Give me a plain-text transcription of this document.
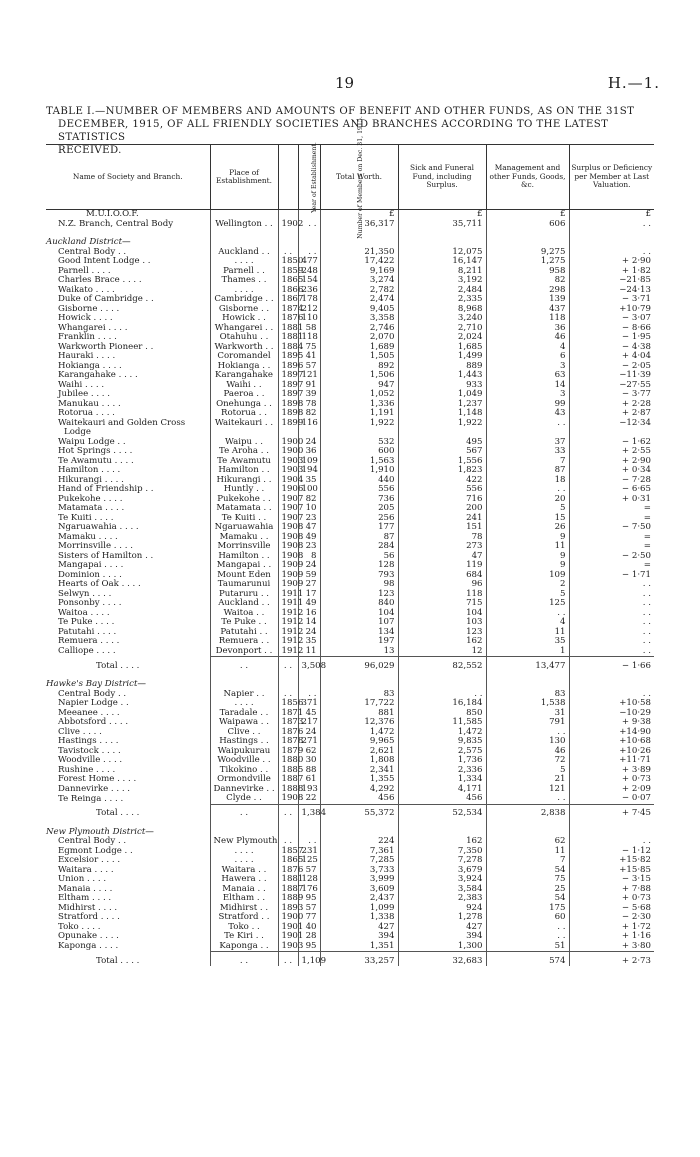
19	H.—1.

TABLE I.—NUMBER OF MEMBERS AND AMOUNTS OF BENEFIT AND OTHER FUNDS, AS ON THE 31ST

DECEMBER, 1915, OF ALL FRIENDLY SOCIETIES AND BRANCHES ACCORDING TO THE LATEST STATISTICS

RECEIVED.

Name of Society and Branch.	Place of Establishment.	Year of Establishment.	Number of Members on Dec. 31, 1915.	Total Worth.	Sick and Funeral Fund, including Surplus.	Management and other Funds, Goods, &c.	Surplus or Deficiency per Member at Last Valuation.
M.U.I.O.O.F.				£	£	£	£
N.Z. Branch, Central Body	Wellington . .	1902	. .	36,317	35,711	606	. .

Auckland District—							
Central Body . .	Auckland . .	. .	. .	21,350	12,075	9,275	. .
Good Intent Lodge . .	. . . .	1850	477	17,422	16,147	1,275	+ 2·90
Parnell . . . .	Parnell . .	1859	248	9,169	8,211	958	+ 1·82
Charles Brace . . . .	Thames . .	1865	154	3,274	3,192	82	−21·85
Waikato . . . .	. . . .	1866	236	2,782	2,484	298	−24·13
Duke of Cambridge . .	Cambridge . .	1867	178	2,474	2,335	139	− 3·71
Gisborne . . . .	Gisborne . .	1874	212	9,405	8,968	437	+10·79
Howick . . . .	Howick . .	1876	110	3,358	3,240	118	− 3·07
Whangarei . . . .	Whangarei . .	1881	58	2,746	2,710	36	− 8·66
Franklin . . . .	Otahuhu . .	1881	118	2,070	2,024	46	− 1·95
Warkworth Pioneer . .	Warkworth . .	1884	75	1,689	1,685	4	− 4·38
Hauraki . . . .	Coromandel	1895	41	1,505	1,499	6	+ 4·04
Hokianga . . . .	Hokianga . .	1896	57	892	889	3	− 2·05
Karangahake . . . .	Karangahake	1897	121	1,506	1,443	63	−11·39
Waihi . . . .	Waihi . .	1897	91	947	933	14	−27·55
Jubilee . . . .	Paeroa . .	1897	39	1,052	1,049	3	− 3·77
Manukau . . . .	Onehunga . .	1898	78	1,336	1,237	99	+ 2·28
Rotorua . . . .	Rotorua . .	1898	82	1,191	1,148	43	+ 2·87
Waitekauri and Golden Cross	Waitekauri . .	1899	116	1,922	1,922	. .	−12·34
Lodge							
Waipu Lodge . .	Waipu . .	1900	24	532	495	37	− 1·62
Hot Springs . . . .	Te Aroha . .	1900	36	600	567	33	+ 2·55
Te Awamutu . . . .	Te Awamutu	1903	109	1,563	1,556	7	+ 2·90
Hamilton . . . .	Hamilton . .	1903	194	1,910	1,823	87	+ 0·34
Hikurangi . . . .	Hikurangi . .	1904	35	440	422	18	− 7·28
Hand of Friendship . .	Huntly . .	1906	100	556	556	. .	− 6·65
Pukekohe . . . .	Pukekohe . .	1907	82	736	716	20	+ 0·31
Matamata . . . .	Matamata . .	1907	10	205	200	5	=
Te Kuiti . . . .	Te Kuiti . .	1907	23	256	241	15	=
Ngaruawahia . . . .	Ngaruawahia	1908	47	177	151	26	− 7·50
Mamaku . . . .	Mamaku . .	1908	49	87	78	9	=
Morrinsville . . . .	Morrinsville	1908	23	284	273	11	=
Sisters of Hamilton . .	Hamilton . .	1908	8	56	47	9	− 2·50
Mangapai . . . .	Mangapai . .	1909	24	128	119	9	=
Dominion . . . .	Mount Eden	1909	59	793	684	109	− 1·71
Hearts of Oak . . . .	Taumarunui	1909	27	98	96	2	. .
Selwyn . . . .	Putaruru . .	1911	17	123	118	5	. .
Ponsonby . . . .	Auckland . .	1911	49	840	715	125	. .
Waitoa . . . .	Waitoa . .	1912	16	104	104	. .	. .
Te Puke . . . .	Te Puke . .	1912	14	107	103	4	. .
Patutahi . . . .	Patutahi . .	1912	24	134	123	11	. .
Remuera . . . .	Remuera . .	1912	35	197	162	35	. .
Calliope . . . .	Devonport . .	1912	11	13	12	1	. .
Total . . . .	. .	. .	3,508	96,029	82,552	13,477	− 1·66

Hawke's Bay District—							
Central Body . .	Napier . .	. .	. .	83	. .	83	. .
Napier Lodge . .	. . . .	1856	371	17,722	16,184	1,538	+10·58
Meeanee . . . .	Taradale . .	1871	45	881	850	31	−10·29
Abbotsford . . . .	Waipawa . .	1873	217	12,376	11,585	791	+ 9·38
Clive . . . .	Clive . .	1876	24	1,472	1,472	. .	+14·90
Hastings . . . .	Hastings . .	1878	271	9,965	9,835	130	+10·68
Tavistock . . . .	Waipukurau	1879	62	2,621	2,575	46	+10·26
Woodville . . . .	Woodville . .	1880	30	1,808	1,736	72	+11·71
Rushine . . . .	Tikokino . .	1885	88	2,341	2,336	5	+ 3·89
Forest Home . . . .	Ormondville	1887	61	1,355	1,334	21	+ 0·73
Dannevirke . . . .	Dannevirke . .	1888	193	4,292	4,171	121	+ 2·09
Te Reinga . . . .	Clyde . .	1908	22	456	456	. .	− 0·07
Total . . . .	. .	. .	1,384	55,372	52,534	2,838	+ 7·45

New Plymouth District—							
Central Body . .	New Plymouth	. .	. .	224	162	62	. .
Egmont Lodge . .	. . . .	1857	231	7,361	7,350	11	− 1·12
Excelsior . . . .	. . . .	1865	125	7,285	7,278	7	+15·82
Waitara . . . .	Waitara . .	1876	57	3,733	3,679	54	+15·85
Union . . . .	Hawera . .	1881	128	3,999	3,924	75	− 3·15
Manaia . . . .	Manaia . .	1887	176	3,609	3,584	25	+ 7·88
Eltham . . . .	Eltham . .	1889	95	2,437	2,383	54	+ 0·73
Midhirst . . . .	Midhirst . .	1893	57	1,099	924	175	− 5·68
Stratford . . . .	Stratford . .	1900	77	1,338	1,278	60	− 2·30
Toko . . . .	Toko . .	1901	40	427	427	. .	+ 1·72
Opunake . . . .	Te Kiri . .	1901	28	394	394	. .	+ 1·16
Kaponga . . . .	Kaponga . .	1903	95	1,351	1,300	51	+ 3·80
Total . . . .	. .	. .	1,109	33,257	32,683	574	+ 2·73
